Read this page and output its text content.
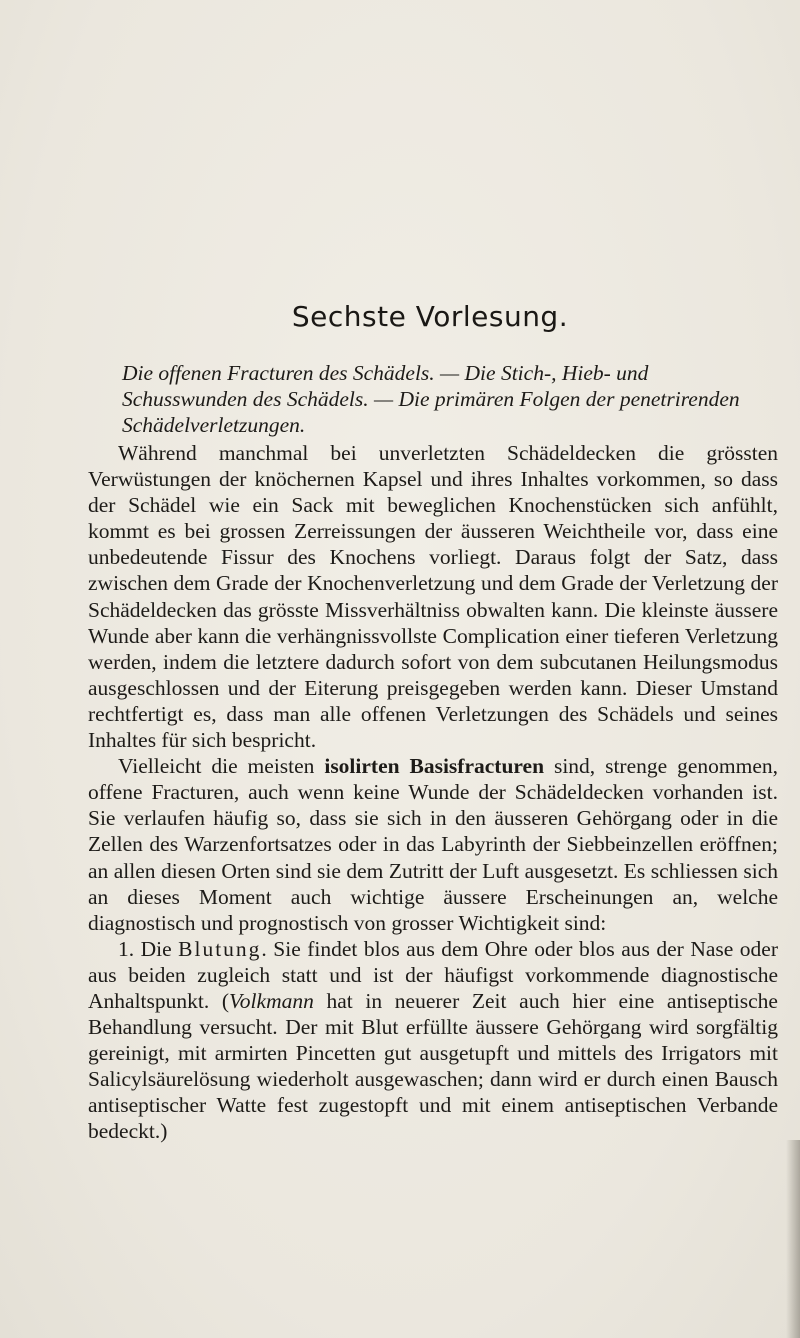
Sechste Vorlesung.

Die offenen Fracturen des Schädels. — Die Stich-, Hieb- und Schusswunden des Schädels. — Die primären Folgen der penetrirenden Schädelverletzungen.

Während manchmal bei unverletzten Schädeldecken die grössten Verwüstungen der knöchernen Kapsel und ihres Inhaltes vorkommen, so dass der Schädel wie ein Sack mit beweglichen Knochenstücken sich anfühlt, kommt es bei grossen Zerreissungen der äusseren Weichtheile vor, dass eine unbedeutende Fissur des Knochens vorliegt. Daraus folgt der Satz, dass zwischen dem Grade der Knochenverletzung und dem Grade der Verletzung der Schädeldecken das grösste Missverhältniss obwalten kann. Die kleinste äussere Wunde aber kann die verhängnissvollste Complication einer tieferen Verletzung werden, indem die letztere dadurch sofort von dem subcutanen Heilungsmodus ausgeschlossen und der Eiterung preisgegeben werden kann. Dieser Umstand rechtfertigt es, dass man alle offenen Verletzungen des Schädels und seines Inhaltes für sich bespricht.

Vielleicht die meisten isolirten Basisfracturen sind, strenge genommen, offene Fracturen, auch wenn keine Wunde der Schädeldecken vorhanden ist. Sie verlaufen häufig so, dass sie sich in den äusseren Gehörgang oder in die Zellen des Warzenfortsatzes oder in das Labyrinth der Siebbeinzellen eröffnen; an allen diesen Orten sind sie dem Zutritt der Luft ausgesetzt. Es schliessen sich an dieses Moment auch wichtige äussere Erscheinungen an, welche diagnostisch und prognostisch von grosser Wichtigkeit sind:

1. Die Blutung. Sie findet blos aus dem Ohre oder blos aus der Nase oder aus beiden zugleich statt und ist der häufigst vorkommende diagnostische Anhaltspunkt. (Volkmann hat in neuerer Zeit auch hier eine antiseptische Behandlung versucht. Der mit Blut erfüllte äussere Gehörgang wird sorgfältig gereinigt, mit armirten Pincetten gut ausgetupft und mittels des Irrigators mit Salicylsäurelösung wiederholt ausgewaschen; dann wird er durch einen Bausch antiseptischer Watte fest zugestopft und mit einem antiseptischen Verbande bedeckt.)
